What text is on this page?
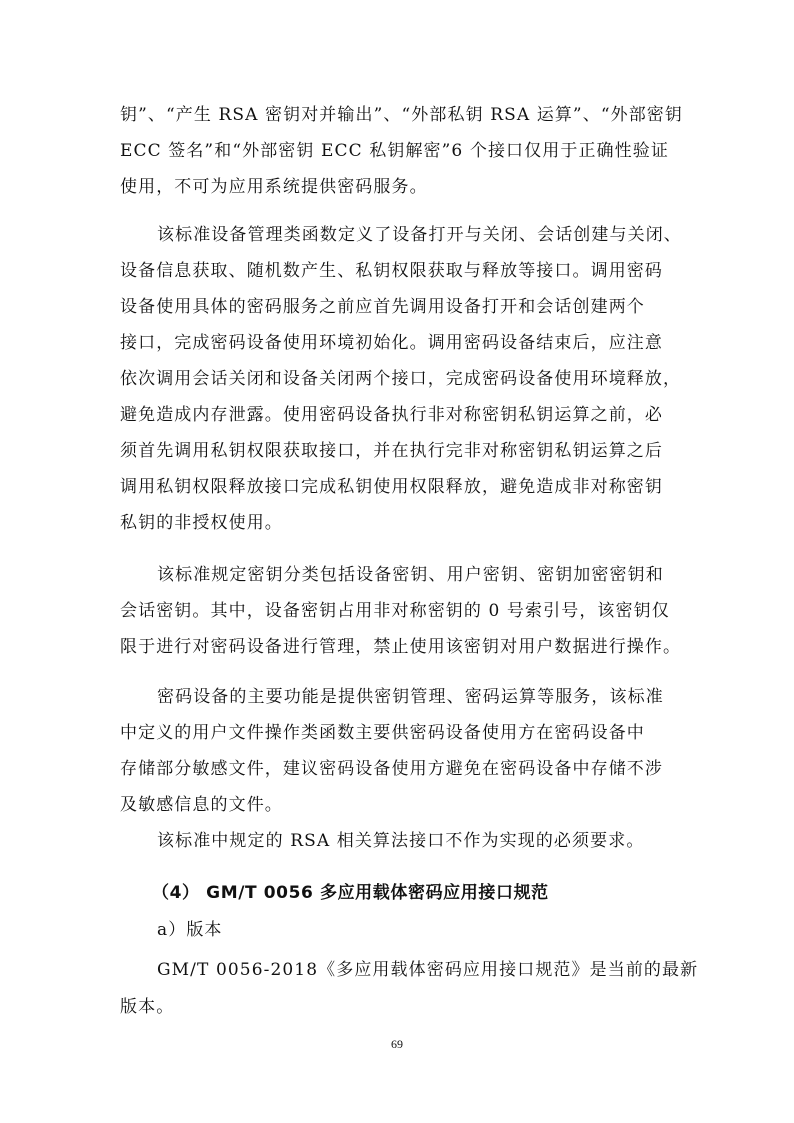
钥”、“产生 RSA 密钥对并输出”、“外部私钥 RSA 运算”、“外部密钥
ECC 签名”和“外部密钥 ECC 私钥解密”6 个接口仅用于正确性验证
使用，不可为应用系统提供密码服务。
该标准设备管理类函数定义了设备打开与关闭、会话创建与关闭、
设备信息获取、随机数产生、私钥权限获取与释放等接口。调用密码
设备使用具体的密码服务之前应首先调用设备打开和会话创建两个
接口，完成密码设备使用环境初始化。调用密码设备结束后，应注意
依次调用会话关闭和设备关闭两个接口，完成密码设备使用环境释放，
避免造成内存泄露。使用密码设备执行非对称密钥私钥运算之前，必
须首先调用私钥权限获取接口，并在执行完非对称密钥私钥运算之后
调用私钥权限释放接口完成私钥使用权限释放，避免造成非对称密钥
私钥的非授权使用。
该标准规定密钥分类包括设备密钥、用户密钥、密钥加密密钥和
会话密钥。其中，设备密钥占用非对称密钥的 0 号索引号，该密钥仅
限于进行对密码设备进行管理，禁止使用该密钥对用户数据进行操作。
密码设备的主要功能是提供密钥管理、密码运算等服务，该标准
中定义的用户文件操作类函数主要供密码设备使用方在密码设备中
存储部分敏感文件，建议密码设备使用方避免在密码设备中存储不涉
及敏感信息的文件。
该标准中规定的 RSA 相关算法接口不作为实现的必须要求。
（4） GM/T 0056 多应用载体密码应用接口规范
a）版本
GM/T 0056-2018《多应用载体密码应用接口规范》是当前的最新
版本。
69
